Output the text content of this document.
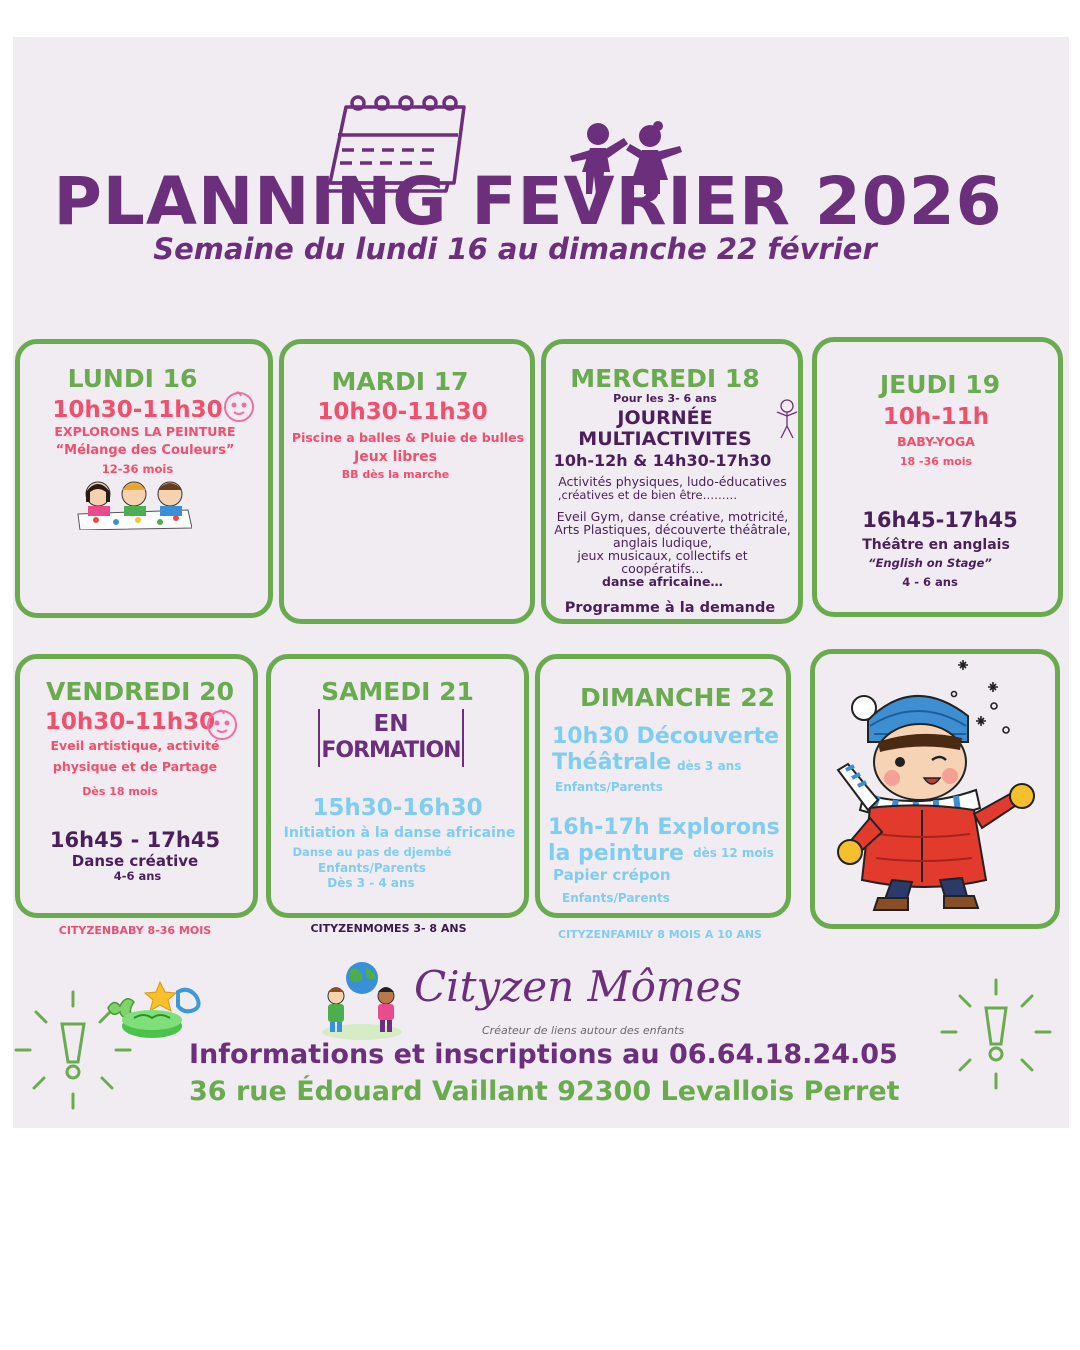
PLANNING FEVRIER 2026
Semaine du lundi 16 au dimanche 22 février
LUNDI 16
10h30-11h30
EXPLORONS LA PEINTURE
“Mélange des Couleurs”
12-36 mois
MARDI 17
10h30-11h30
Piscine a balles & Pluie de bulles
Jeux libres
BB dès la marche
MERCREDI 18
Pour les 3- 6 ans
JOURNÉE
MULTIACTIVITES
10h-12h & 14h30-17h30
Activités physiques, ludo-éducatives
,créatives et de bien être………
Eveil Gym, danse créative, motricité,
Arts Plastiques, découverte théâtrale,
anglais ludique,
jeux musicaux, collectifs et
coopératifs…
danse africaine…
Programme à la demande
JEUDI 19
10h-11h
BABY-YOGA
18 -36 mois
16h45-17h45
Théâtre en anglais
“English on Stage”
4 - 6 ans
VENDREDI 20
10h30-11h30
Eveil artistique, activité
physique et de Partage
Dès 18 mois
16h45 - 17h45
Danse créative
4-6 ans
SAMEDI 21
EN
FORMATION
15h30-16h30
Initiation à la danse africaine
Danse au pas de djembé
Enfants/Parents
Dès 3 - 4 ans
DIMANCHE 22
10h30 Découverte
Théâtrale dès 3 ans
Enfants/Parents
16h-17h Explorons
la peinture dès 12 mois
Papier crépon
Enfants/Parents
CITYZENBABY 8-36 MOIS	CITYZENMOMES 3- 8 ANS	CITYZENFAMILY 8 MOIS A 10 ANS
Cityzen Mômes
Créateur de liens autour des enfants
Informations et inscriptions au 06.64.18.24.05
36 rue Édouard Vaillant 92300 Levallois Perret
